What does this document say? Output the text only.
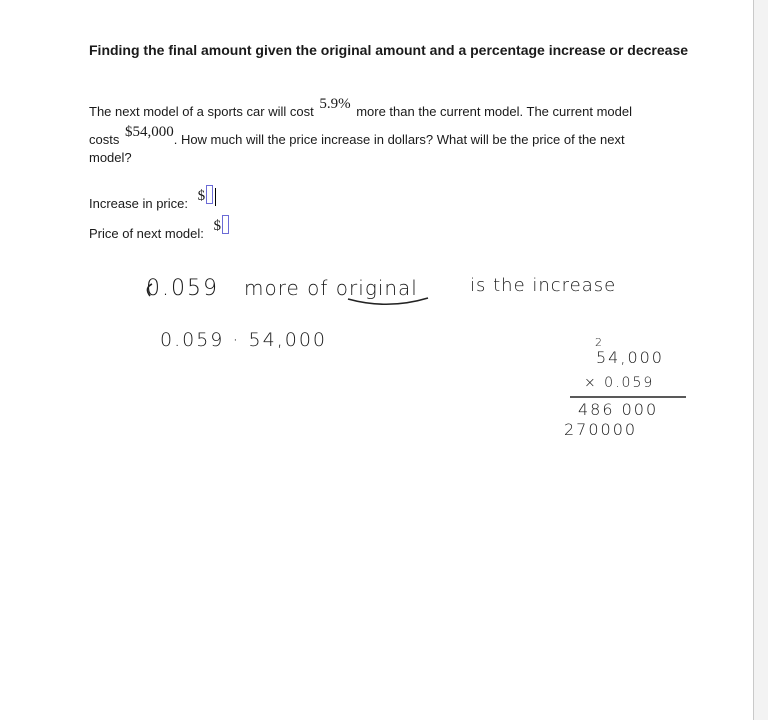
Finding the final amount given the original amount and a percentage increase or decrease
The next model of a sports car will cost 5.9% more than the current model. The current model
costs $54,000. How much will the price increase in dollars? What will be the price of the next
model?
Increase in price: $
Price of next model: $
0.059 more of original	is the increase
0.059 · 54,000	2
54,000
× 0.059
486 000
270000
